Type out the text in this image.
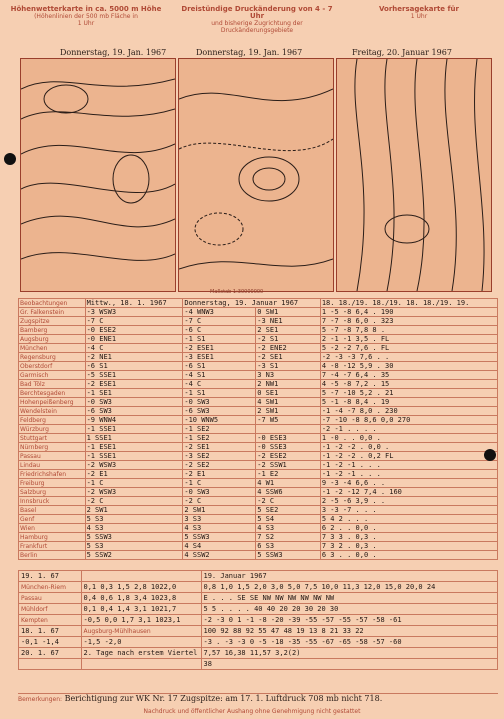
Höhenwetterkarte in ca. 5000 m Höhe
(Höhenlinien der 500 mb Fläche in
1 Uhr
Dreistündige Druckänderung von 4 - 7 Uhr
und bisherige Zugrichtung der Druckänderungsgebiete
Vorhersagekarte für
1 Uhr
Donnerstag, 19. Jan. 1967	Donnerstag, 19. Jan. 1967	Freitag, 20. Januar 1967
Maßstab 1:30000000
Beobachtungen	Mittw., 18. 1. 1967	Donnerstag, 19. Januar 1967		18. 18./19. 18./19. 18. 18./19. 19.
Gr. Falkenstein	-3 WSW3	-4 WNW3	0 SW1	1 -5 -8 6,4 . 190
Zugspitze	-7 C	-7 C	-3 NE1	7 -7 -8 6,0 . 323
Bamberg	-0 ESE2	-6 C	2 SE1	5 -7 -8 7,8 8 .
Augsburg	-0 ENE1	-1 S1	-2 S1	2 -1 -1 3,5 . FL
München	-4 C	-2 ESE1	-2 ENE2	5 -2 -2 7,6 . FL
Regensburg	-2 NE1	-3 ESE1	-2 SE1	-2 -3 -3 7,6 . .
Oberstdorf	-6 S1	-6 S1	-3 S1	4 -8 -12 5,9 . 30
Garmisch	-5 SSE1	-4 S1	3 N3	7 -4 -7 6,4 . 35
Bad Tölz	-2 ESE1	-4 C	2 NW1	4 -5 -8 7,2 . 15
Berchtesgaden	-1 SE1	-1 S1	0 SE1	5 -7 -10 5,2 . 21
Hohenpeißenberg	-0 SW3	-0 SW3	4 SW1	5 -1 -8 8,4 . 19
Wendelstein	-6 SW3	-6 SW3	2 SW1	-1 -4 -7 8,0 . 230
Feldberg	-9 WNW4	-10 WNW5	-7 W5	-7 -10 -8 8,6 0,0 270
Würzburg	-1 SSE1	-1 SE2		-2 -1 . . . .
Stuttgart	1 SSE1	-1 SE2	-0 ESE3	1 -0 . . 0,0 .
Nürnberg	-1 ESE1	-2 SE1	-0 SSE3	-1 -2 -2 . 0,0 .
Passau	-1 SSE1	-3 SE2	-2 ESE2	-1 -2 -2 . 0,2 FL
Lindau	-2 WSW3	-2 SE2	-2 SSW1	-1 -2 -1 . . .
Friedrichshafen	-2 E1	-2 E1	-1 E2	-1 -2 -1 . . .
Freiburg	-1 C	-1 C	4 W1	9 -3 -4 6,6 . .
Salzburg	-2 WSW3	-0 SW3	4 SSW6	-1 -2 -12 7,4 . 160
Innsbruck	-2 C	-2 C	-2 C	2 -5 -6 3,9 . .
Basel	2 SW1	2 SW1	5 SE2	3 -3 -7 . . .
Genf	5 S3	3 S3	5 S4	5 4 2 . . .
Wien	4 S3	4 S3	4 S3	6 2 . . 0,0 .
Hamburg	5 SSW3	5 SSW3	7 S2	7 3 3 . 0,3 .
Frankfurt	5 S3	4 S4	6 S3	7 3 2 . 0,3 .
Berlin	5 SSW2	4 SSW2	5 SSW3	6 3 . . 0,0 .
19. 1. 67		19. Januar 1967
München-Riem	0,1 0,3 1,5 2,8 1022,0	0,8 1,0 1,5 2,0 3,0 5,0 7,5 10,0 11,3 12,0 15,0 20,0 24
Passau	0,4 0,6 1,8 3,4 1023,8	E . . . SE SE NW NW NW NW NW NW
Mühldorf	0,1 0,4 1,4 3,1 1021,7	5 5 . . . . 40 40 20 20 30 20 30
Kempten	-0,5 0,0 1,7 3,1 1023,1	-2 -3 0 1 -1 -8 -20 -39 -55 -57 -55 -57 -58 -61
18. 1. 67	Augsburg-Mühlhausen	100 92 88 92 55 47 48 19 13 8 21 33 22
-0,1 -1,4	-1,5 -2,0	-3 . -3 -3 0 -5 -18 -35 -55 -67 -65 -58 -57 -60
20. 1. 67	2. Tage nach erstem Viertel	7,57 16,38 11,57 3,2(2)
		38
Bemerkungen: Berichtigung zur WK Nr. 17 Zugspitze: am 17. 1. Luftdruck 708 mb nicht 718.
Nachdruck und öffentlicher Aushang ohne Genehmigung nicht gestattet
